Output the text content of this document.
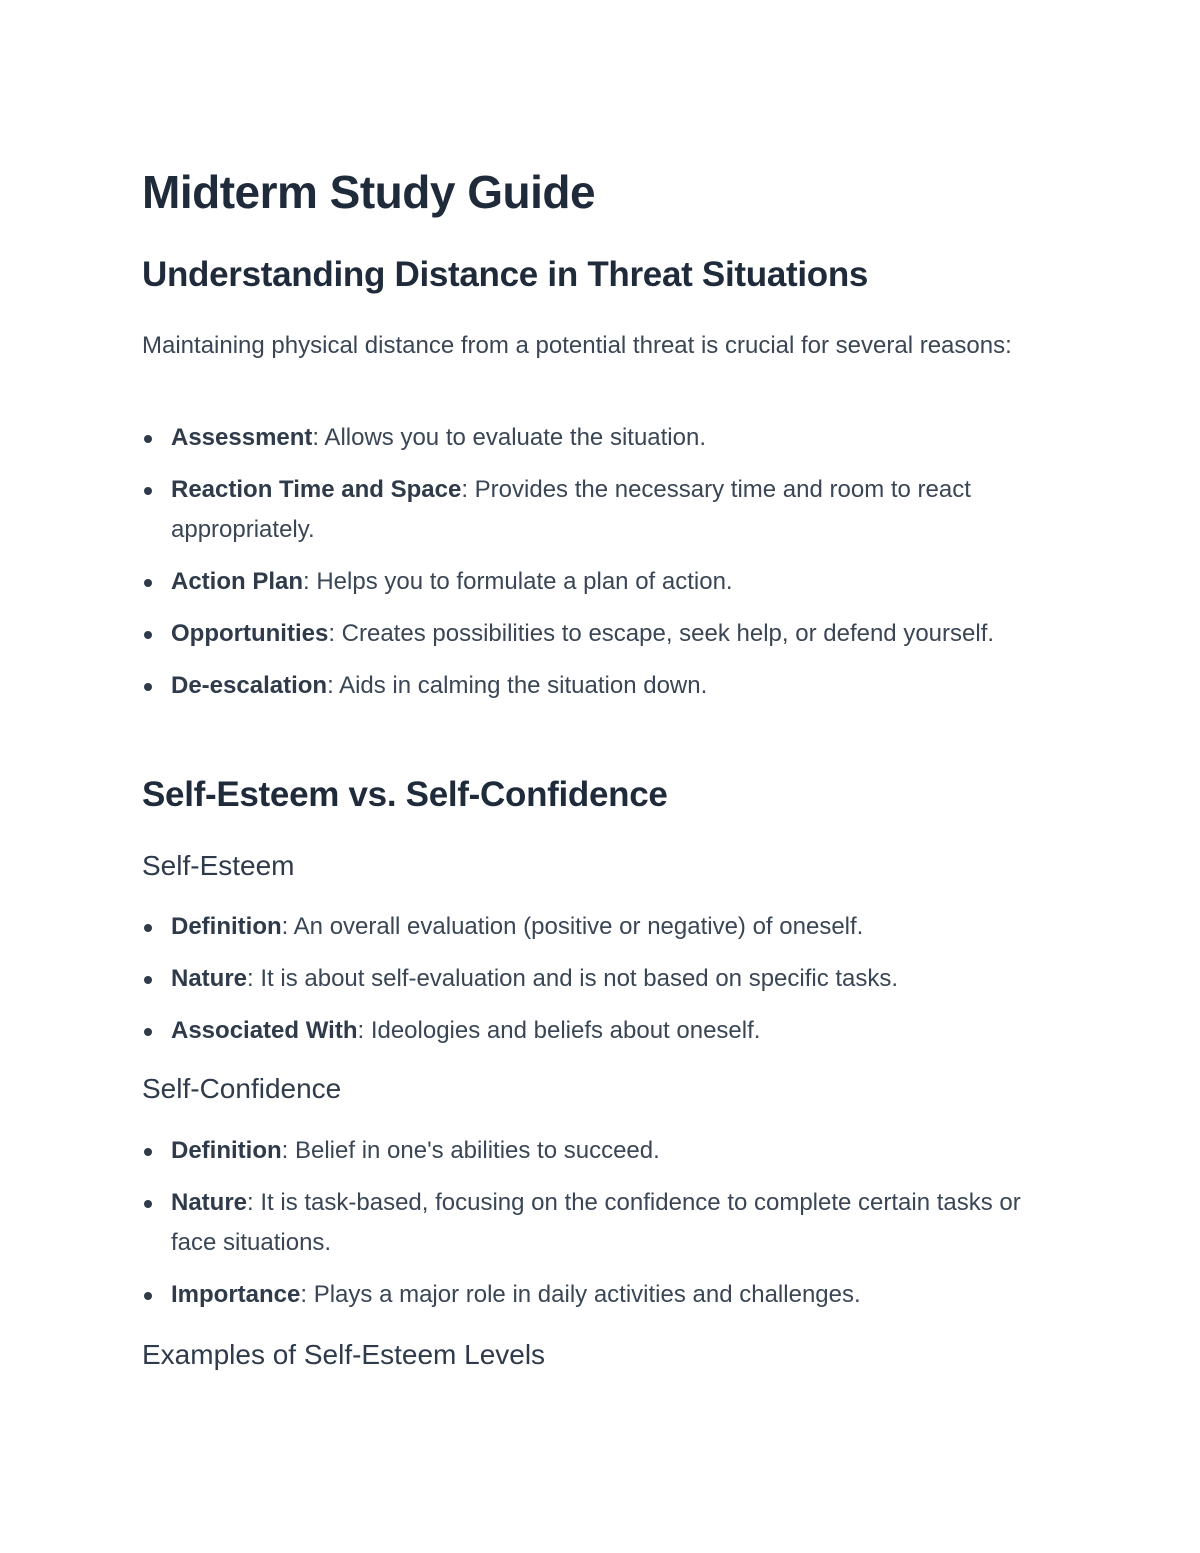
Midterm Study Guide
Understanding Distance in Threat Situations

Maintaining physical distance from a potential threat is crucial for several reasons:

Assessment: Allows you to evaluate the situation.
Reaction Time and Space: Provides the necessary time and room to react appropriately.
Action Plan: Helps you to formulate a plan of action.
Opportunities: Creates possibilities to escape, seek help, or defend yourself.
De-escalation: Aids in calming the situation down.
Self-Esteem vs. Self-Confidence
Self-Esteem
Definition: An overall evaluation (positive or negative) of oneself.
Nature: It is about self-evaluation and is not based on specific tasks.
Associated With: Ideologies and beliefs about oneself.
Self-Confidence
Definition: Belief in one's abilities to succeed.
Nature: It is task-based, focusing on the confidence to complete certain tasks or face situations.
Importance: Plays a major role in daily activities and challenges.
Examples of Self-Esteem Levels
